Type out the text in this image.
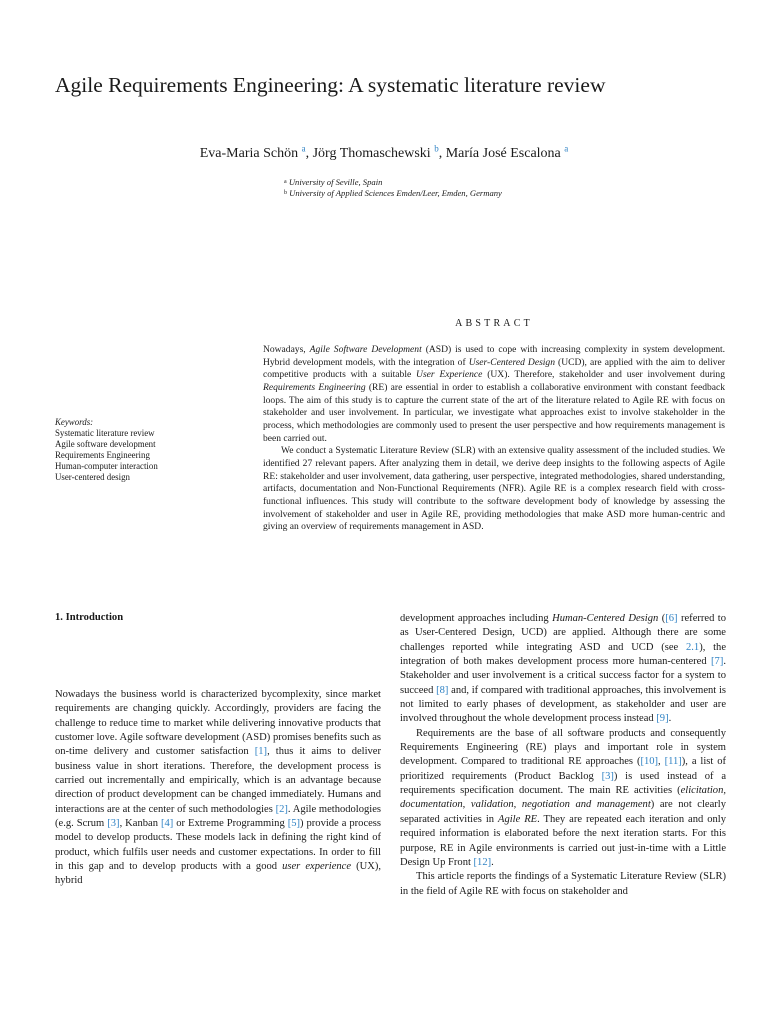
Agile Requirements Engineering: A systematic literature review
Eva-Maria Schön $^a$, Jörg Thomaschewski $^b$, María José Escalona $^a$
$^a$ University of Seville, Spain
$^b$ University of Applied Sciences Emden/Leer, Emden, Germany
ABSTRACT
Keywords:
Systematic literature review
Agile software development
Requirements Engineering
Human-computer interaction
User-centered design

Nowadays, Agile Software Development (ASD) is used to cope with increasing complexity in system development. Hybrid development models, with the integration of User-Centered Design (UCD), are applied with the aim to deliver competitive products with a suitable User Experience (UX). Therefore, stakeholder and user involvement during Requirements Engineering (RE) are essential in order to establish a collaborative environment with constant feedback loops. The aim of this study is to capture the current state of the art of the literature related to Agile RE with focus on stakeholder and user involvement. In particular, we investigate what approaches exist to involve stakeholder in the process, which methodologies are commonly used to present the user perspective and how requirements management is been carried out.

We conduct a Systematic Literature Review (SLR) with an extensive quality assessment of the included studies. We identified 27 relevant papers. After analyzing them in detail, we derive deep insights to the following aspects of Agile RE: stakeholder and user involvement, data gathering, user perspective, integrated methodologies, shared understanding, artifacts, documentation and Non-Functional Requirements (NFR). Agile RE is a complex research field with cross-functional influences. This study will contribute to the software development body of knowledge by assessing the involvement of stakeholder and user in Agile RE, providing methodologies that make ASD more human-centric and giving an overview of requirements management in ASD.

1. Introduction

Nowadays the business world is characterized bycomplexity, since market requirements are changing quickly. Accordingly, providers are facing the challenge to reduce time to market while delivering innovative products that customer love. Agile software development (ASD) promises benefits such as on-time delivery and customer satisfaction [1], thus it aims to deliver business value in short iterations. Therefore, the development process is carried out incrementally and empirically, which is an advantage because direction of product development can be changed immediately. Humans and interactions are at the center of such methodologies [2]. Agile methodologies (e.g. Scrum [3], Kanban [4] or Extreme Programming [5]) provide a process model to develop products. These models lack in defining the right kind of product, which fulfils user needs and customer expectations. In order to fill in this gap and to develop products with a good user experience (UX), hybrid

development approaches including Human-Centered Design ([6] referred to as User-Centered Design, UCD) are applied. Although there are some challenges reported while integrating ASD and UCD (see 2.1), the integration of both makes development process more human-centered [7]. Stakeholder and user involvement is a critical success factor for a system to succeed [8] and, if compared with traditional approaches, this involvement is not limited to early phases of development, as stakeholder and user are involved throughout the whole development process instead [9].

Requirements are the base of all software products and consequently Requirements Engineering (RE) plays and important role in system development. Compared to traditional RE approaches ([10], [11]), a list of prioritized requirements (Product Backlog [3]) is used instead of a requirements specification document. The main RE activities (elicitation, documentation, validation, negotiation and management) are not clearly separated activities in Agile RE. They are repeated each iteration and only required information is elaborated before the next iteration starts. For this purpose, RE in Agile environments is carried out just-in-time with a Little Design Up Front [12].

This article reports the findings of a Systematic Literature Review (SLR) in the field of Agile RE with focus on stakeholder and
